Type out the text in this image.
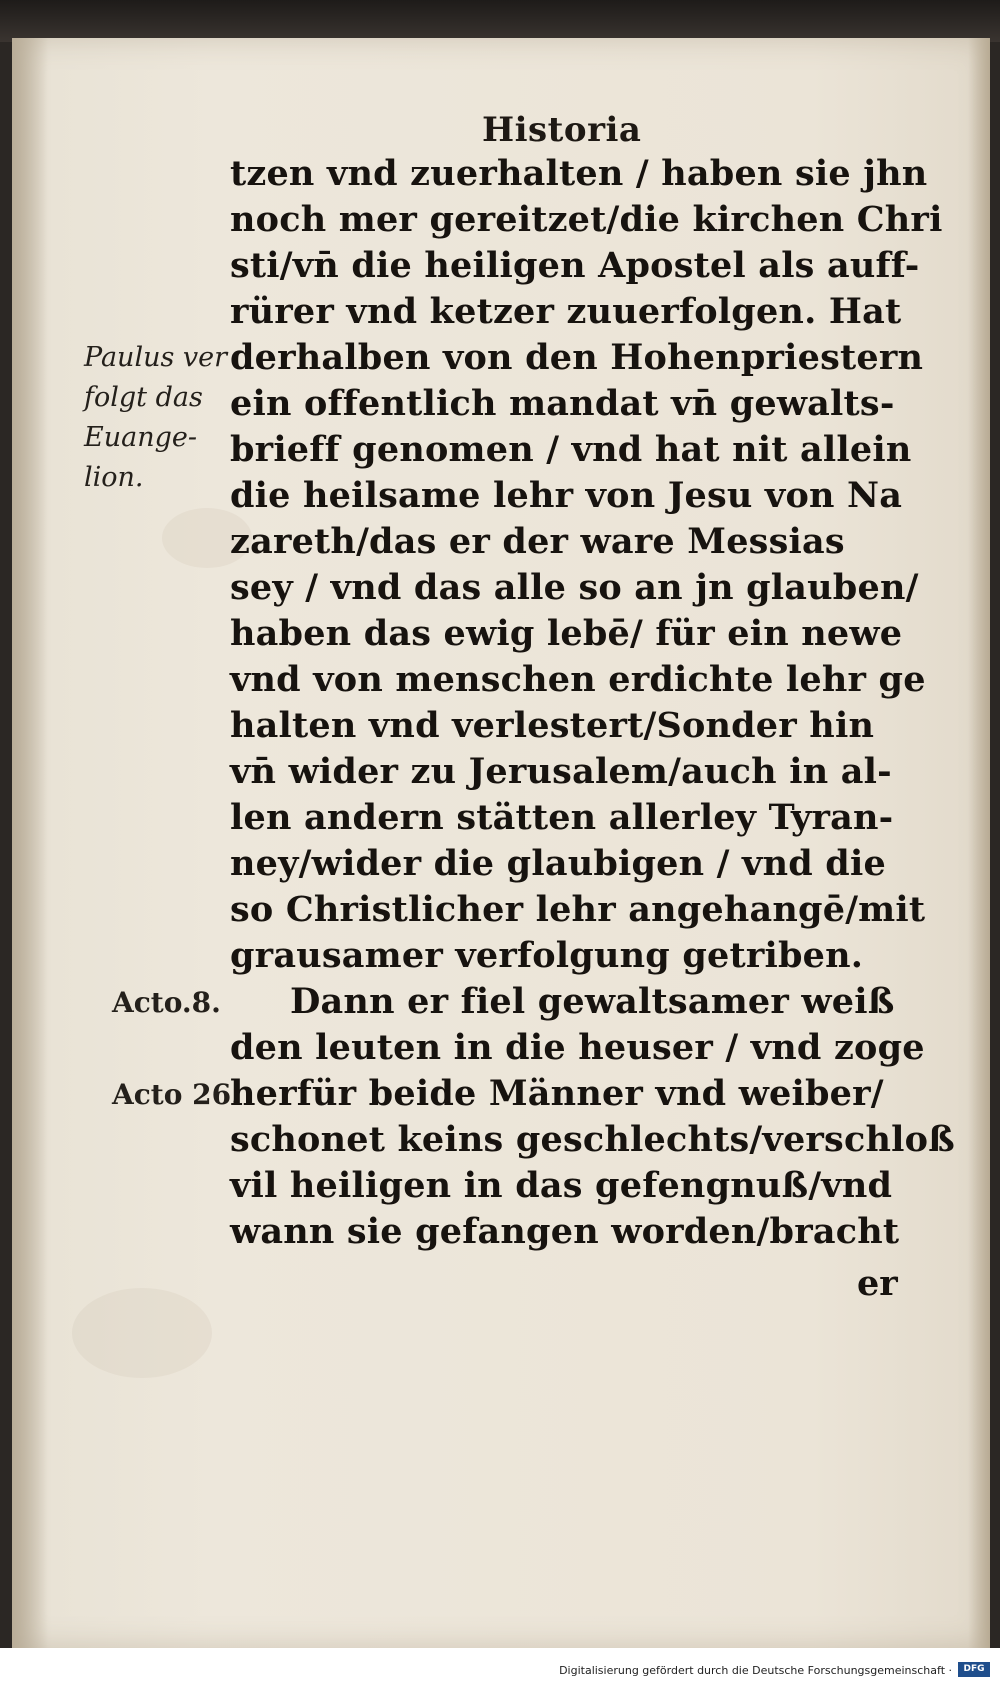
Historia
Paulus ver
folgt das
Euange-
lion.
Acto.8.
Acto 26.
tzen vnd zuerhalten / haben sie jhn
noch mer gereitzet/die kirchen Chri
sti/vn̄ die heiligen Apostel als auff-
rürer vnd ketzer zuuerfolgen. Hat
derhalben von den Hohenpriestern
ein offentlich mandat vn̄ gewalts-
brieff genomen / vnd hat nit allein
die heilsame lehr von Jesu von Na
zareth/das er der ware Messias
sey / vnd das alle so an jn glauben/
haben das ewig lebē/ für ein newe
vnd von menschen erdichte lehr ge
halten vnd verlestert/Sonder hin
vn̄ wider zu Jerusalem/auch in al-
len andern stätten allerley Tyran-
ney/wider die glaubigen / vnd die
so Christlicher lehr angehangē/mit
grausamer verfolgung getriben.
Dann er fiel gewaltsamer weiß
den leuten in die heuser / vnd zoge
herfür beide Männer vnd weiber/
schonet keins geschlechts/verschloß
vil heiligen in das gefengnuß/vnd
wann sie gefangen worden/bracht
er
Digitalisierung gefördert durch die Deutsche Forschungsgemeinschaft ·	DFG
